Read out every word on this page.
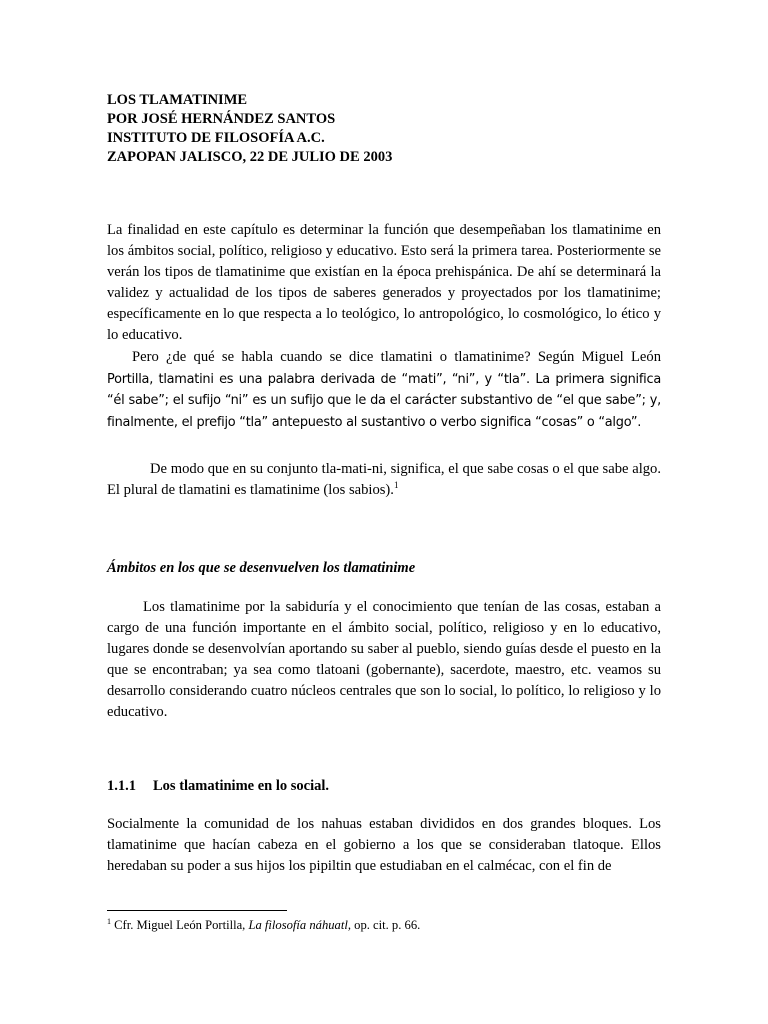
LOS TLAMATINIME
POR JOSÉ HERNÁNDEZ SANTOS
INSTITUTO DE FILOSOFÍA A.C.
ZAPOPAN JALISCO, 22 DE JULIO DE 2003
La finalidad en este capítulo es determinar la función que desempeñaban los tlamatinime en los ámbitos social, político, religioso y educativo. Esto será la primera tarea. Posteriormente se verán los tipos de tlamatinime que existían en la época prehispánica. De ahí se determinará la validez y actualidad de los tipos de saberes generados y proyectados por los tlamatinime; específicamente en lo que respecta a lo teológico, lo antropológico, lo cosmológico, lo ético y lo educativo.
Pero ¿de qué se habla cuando se dice tlamatini o tlamatinime? Según Miguel León Portilla, tlamatini es una palabra derivada de “mati”, “ni”, y “tla”. La primera significa “él sabe”; el sufijo “ni” es un sufijo que le da el carácter substantivo de “el que sabe”; y, finalmente, el prefijo “tla” antepuesto al sustantivo o verbo significa “cosas” o “algo”.
De modo que en su conjunto tla-mati-ni, significa, el que sabe cosas o el que sabe algo. El plural de tlamatini es tlamatinime (los sabios).$^1$
Ámbitos en los que se desenvuelven los tlamatinime
Los tlamatinime por la sabiduría y el conocimiento que tenían de las cosas, estaban a cargo de una función importante en el ámbito social, político, religioso y en lo educativo, lugares donde se desenvolvían aportando su saber al pueblo, siendo guías desde el puesto en la que se encontraban; ya sea como tlatoani (gobernante), sacerdote, maestro, etc. veamos su desarrollo considerando cuatro núcleos centrales que son lo social, lo político, lo religioso y lo educativo.
1.1.1 Los tlamatinime en lo social.
Socialmente la comunidad de los nahuas estaban divididos en dos grandes bloques. Los tlamatinime que hacían cabeza en el gobierno a los que se consideraban tlatoque. Ellos heredaban su poder a sus hijos los pipiltin que estudiaban en el calmécac, con el fin de
$^1$ Cfr. Miguel León Portilla, La filosofía náhuatl, op. cit. p. 66.
